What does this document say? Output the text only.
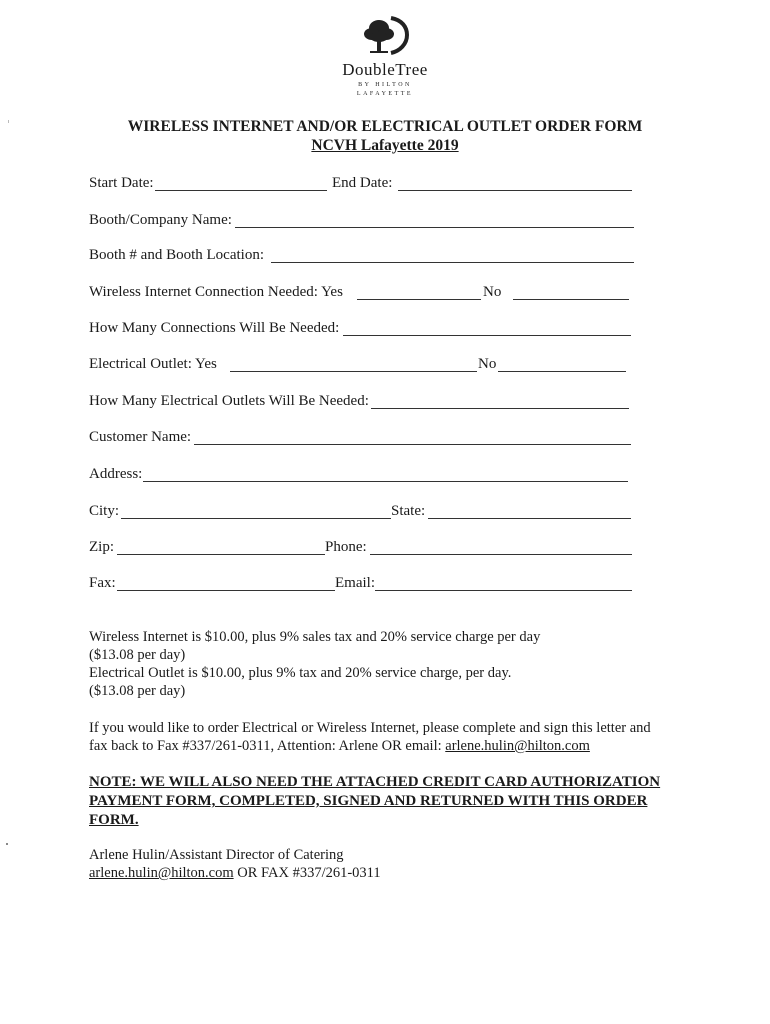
DoubleTree
BY HILTON
LAFAYETTE
WIRELESS INTERNET AND/OR ELECTRICAL OUTLET ORDER FORM
NCVH Lafayette 2019
Start Date:	End Date:
Booth/Company Name:
Booth # and Booth Location:
Wireless Internet Connection Needed: Yes	No
How Many Connections Will Be Needed:
Electrical Outlet: Yes	No
How Many Electrical Outlets Will Be Needed:
Customer Name:
Address:
City:	State:
Zip:	Phone:
Fax:	Email:
Wireless Internet is $10.00, plus 9% sales tax and 20% service charge per day
($13.08 per day)
Electrical Outlet is $10.00, plus 9% tax and 20% service charge, per day.
($13.08 per day)
If you would like to order Electrical or Wireless Internet, please complete and sign this letter and
fax back to Fax #337/261-0311, Attention: Arlene OR email: arlene.hulin@hilton.com
NOTE: WE WILL ALSO NEED THE ATTACHED CREDIT CARD AUTHORIZATION
PAYMENT FORM, COMPLETED, SIGNED AND RETURNED WITH THIS ORDER
FORM.
Arlene Hulin/Assistant Director of Catering
arlene.hulin@hilton.com OR FAX #337/261-0311
